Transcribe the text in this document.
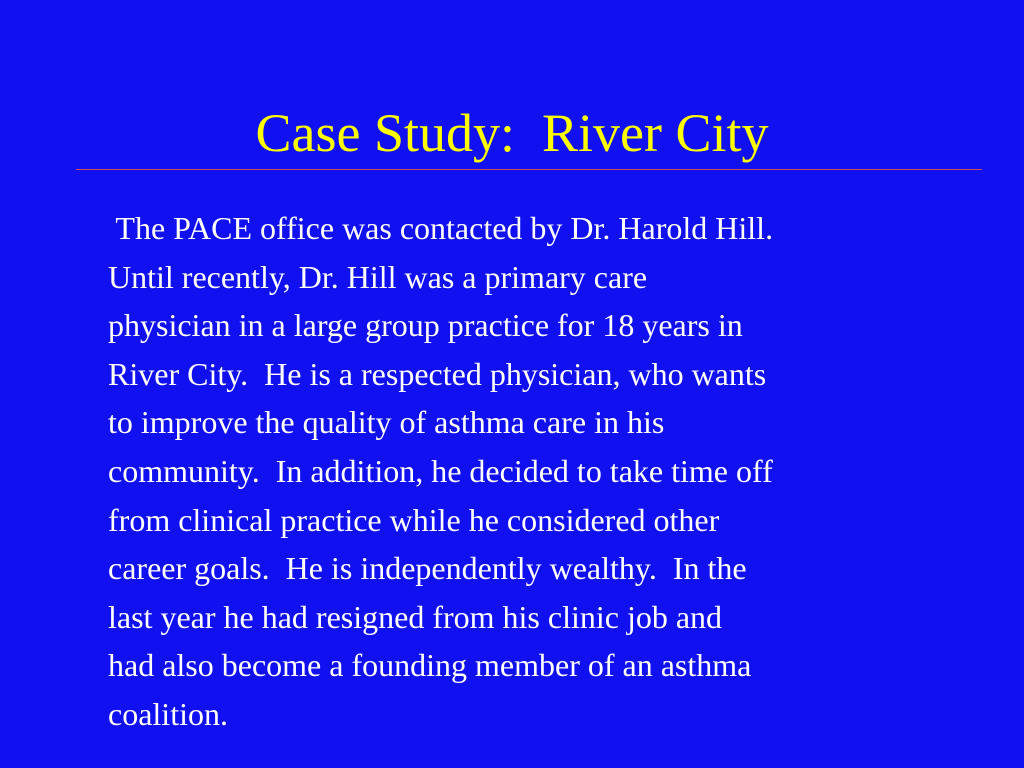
Case Study:  River City
The PACE office was contacted by Dr. Harold Hill.
Until recently, Dr. Hill was a primary care
physician in a large group practice for 18 years in
River City.  He is a respected physician, who wants
to improve the quality of asthma care in his
community.  In addition, he decided to take time off
from clinical practice while he considered other
career goals.  He is independently wealthy.  In the
last year he had resigned from his clinic job and
had also become a founding member of an asthma
coalition.
